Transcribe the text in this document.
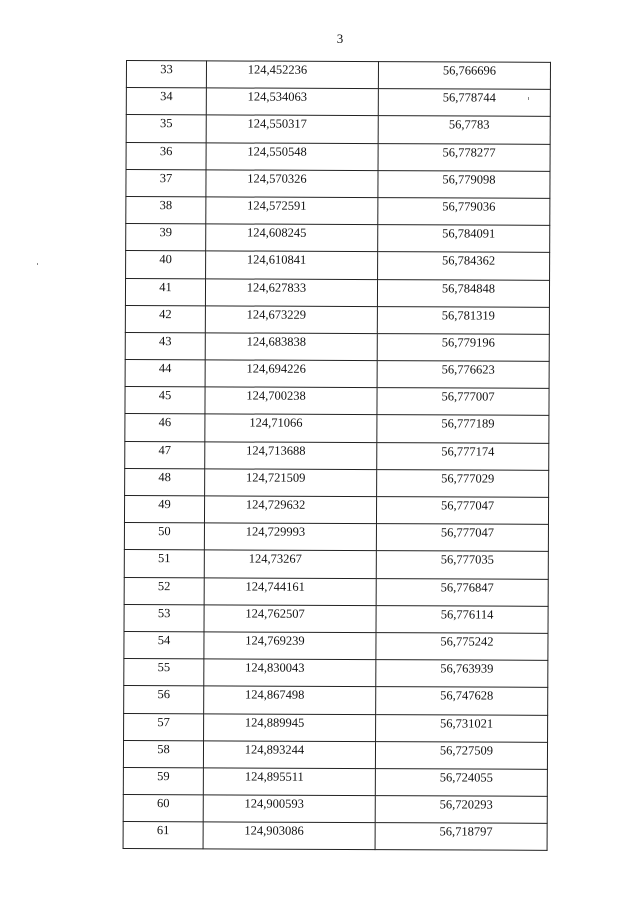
3
33	124,452236	56,766696
34	124,534063	56,778744
35	124,550317	56,7783
36	124,550548	56,778277
37	124,570326	56,779098
38	124,572591	56,779036
39	124,608245	56,784091
40	124,610841	56,784362
41	124,627833	56,784848
42	124,673229	56,781319
43	124,683838	56,779196
44	124,694226	56,776623
45	124,700238	56,777007
46	124,71066	56,777189
47	124,713688	56,777174
48	124,721509	56,777029
49	124,729632	56,777047
50	124,729993	56,777047
51	124,73267	56,777035
52	124,744161	56,776847
53	124,762507	56,776114
54	124,769239	56,775242
55	124,830043	56,763939
56	124,867498	56,747628
57	124,889945	56,731021
58	124,893244	56,727509
59	124,895511	56,724055
60	124,900593	56,720293
61	124,903086	56,718797
